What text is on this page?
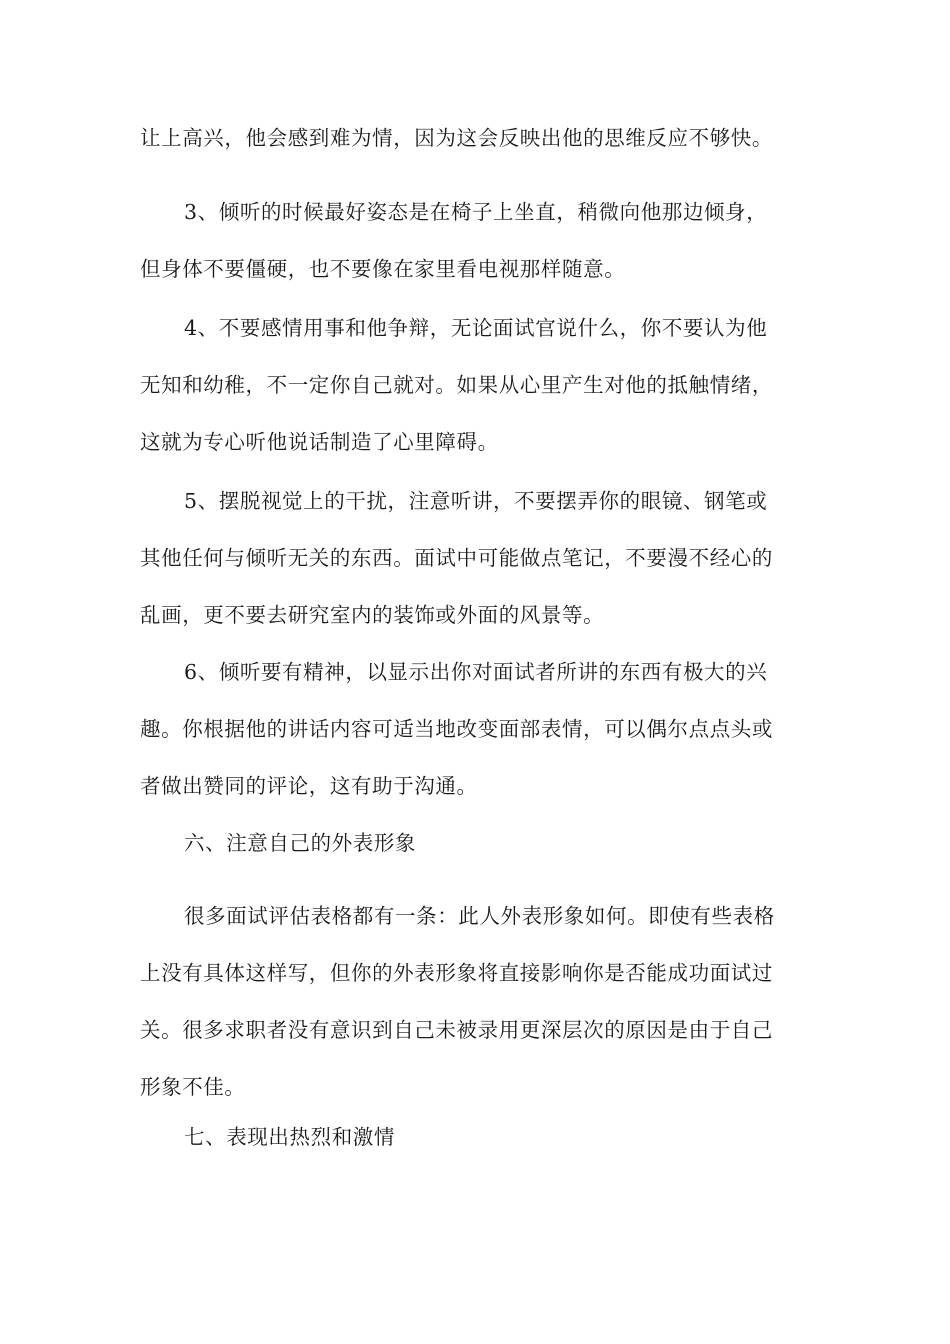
让上高兴，他会感到难为情，因为这会反映出他的思维反应不够快。
3、倾听的时候最好姿态是在椅子上坐直，稍微向他那边倾身，
但身体不要僵硬，也不要像在家里看电视那样随意。
4、不要感情用事和他争辩，无论面试官说什么，你不要认为他
无知和幼稚，不一定你自己就对。如果从心里产生对他的抵触情绪，
这就为专心听他说话制造了心里障碍。
5、摆脱视觉上的干扰，注意听讲，不要摆弄你的眼镜、钢笔或
其他任何与倾听无关的东西。面试中可能做点笔记，不要漫不经心的
乱画，更不要去研究室内的装饰或外面的风景等。
6、倾听要有精神，以显示出你对面试者所讲的东西有极大的兴
趣。你根据他的讲话内容可适当地改变面部表情，可以偶尔点点头或
者做出赞同的评论，这有助于沟通。
六、注意自己的外表形象
很多面试评估表格都有一条：此人外表形象如何。即使有些表格
上没有具体这样写，但你的外表形象将直接影响你是否能成功面试过
关。很多求职者没有意识到自己未被录用更深层次的原因是由于自己
形象不佳。
七、表现出热烈和激情
